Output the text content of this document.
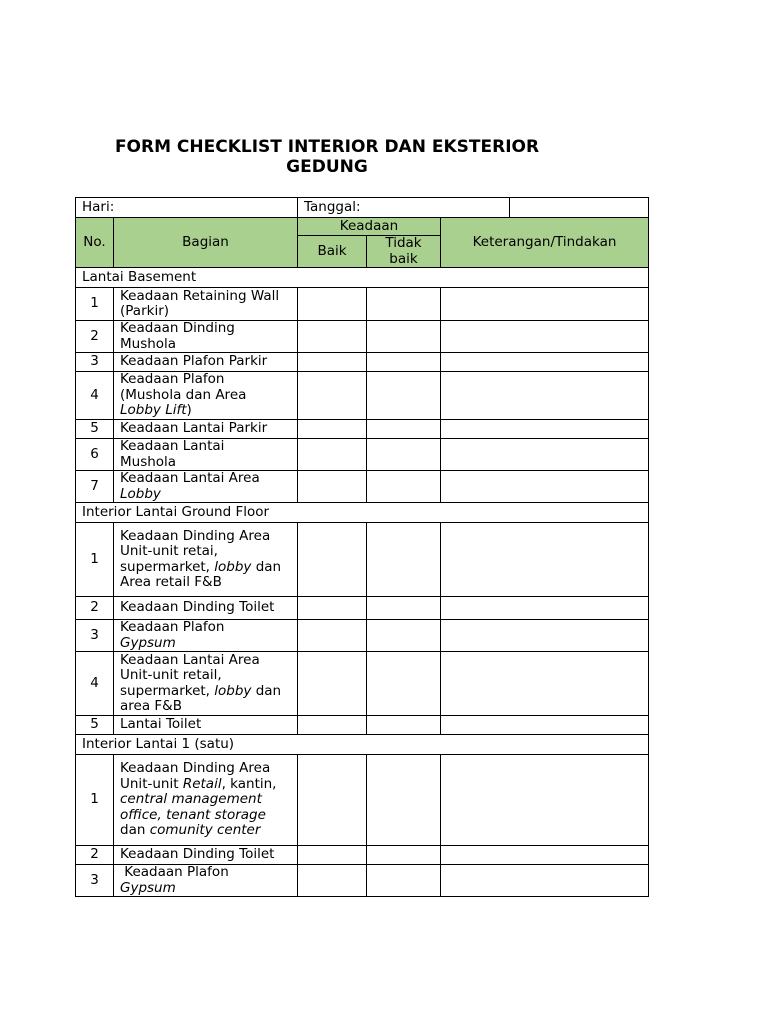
FORM CHECKLIST INTERIOR DAN EKSTERIOR
GEDUNG
Hari:		Tanggal:			
No.	Bagian	Keadaan		Keterangan/Tindakan	
		Baik	Tidak
baik		
Lantai Basement					
1	Keadaan Retaining Wall
(Parkir)				

2	Keadaan Dinding
Mushola				

3	Keadaan Plafon Parkir				

4	Keadaan Plafon
(Mushola dan Area
Lobby Lift)				

5	Keadaan Lantai Parkir				

6	Keadaan Lantai
Mushola				

7	Keadaan Lantai Area
Lobby				

Interior Lantai Ground Floor					
1	Keadaan Dinding Area
Unit-unit retai,
supermarket, lobby dan
Area retail F&B				

2	Keadaan Dinding Toilet				

3	Keadaan Plafon
Gypsum				

4	Keadaan Lantai Area
Unit-unit retail,
supermarket, lobby dan
area F&B				

5	Lantai Toilet				

Interior Lantai 1 (satu)					
1	Keadaan Dinding Area
Unit-unit Retail, kantin,
central management
office, tenant storage
dan comunity center				

2	Keadaan Dinding Toilet				

3	Keadaan Plafon
Gypsum				
